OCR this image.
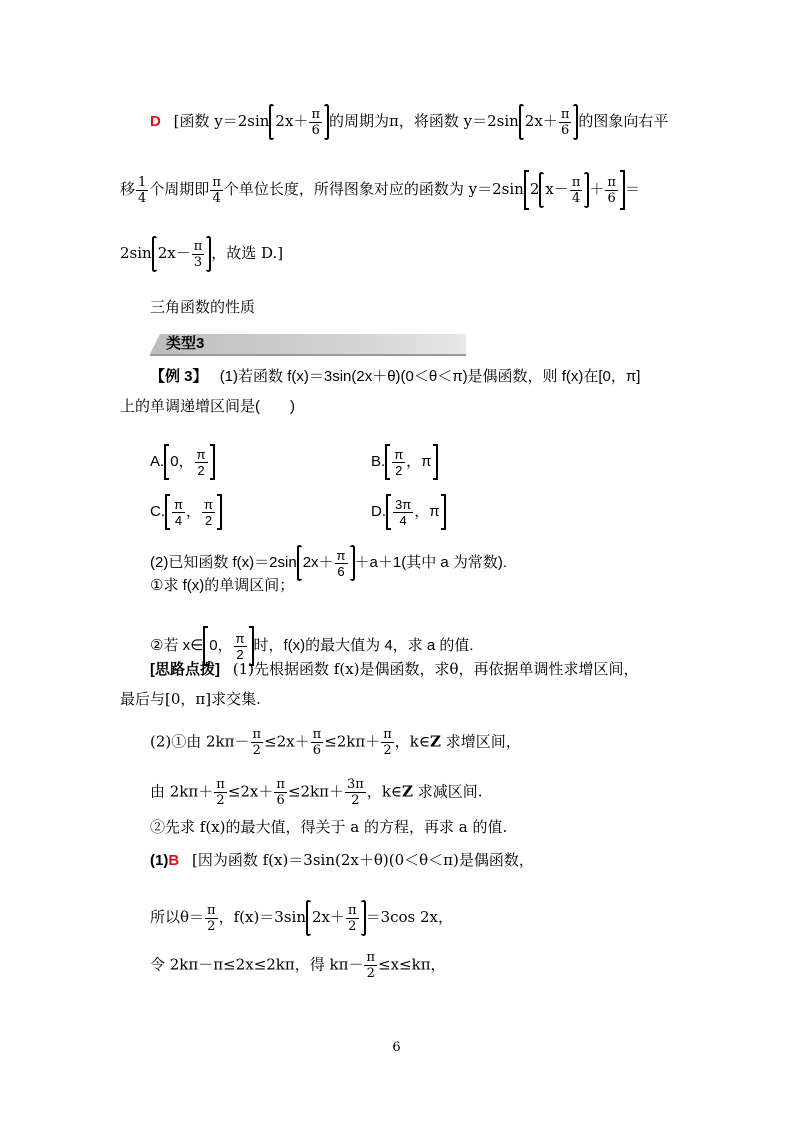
D [函数 y＝2sin $2x+ \frac{\pi}{6}$ 的周期为π，将函数 y＝2sin $2x+ \frac{\pi}{6}$ 的图象向右平
移 $\frac{1}{4}$ 个周期即 $\frac{\pi}{4}$ 个单位长度，所得图象对应的函数为 y＝2sin 2 $x- \frac{\pi}{4} + \frac{\pi}{6}$ ＝
2sin $2x- \frac{\pi}{3}$ ，故选 D.]
三角函数的性质
类型3
【例 3】 (1)若函数 f(x)＝3sin(2x＋θ)(0＜θ＜π)是偶函数，则 f(x)在[0，π]
上的单调递增区间是(　　)
A. 0， $\frac{\pi}{2}$	B. $\frac{\pi}{2}$ ，π
C. $\frac{\pi}{4}$ ， $\frac{\pi}{2}$	D. $\frac{3\pi}{4}$ ，π
(2)已知函数 f(x)＝2sin $2x+ \frac{\pi}{6} +a+1$(其中 a 为常数).
①求 f(x)的单调区间；
②若 x∈ 0， $\frac{\pi}{2}$ 时，f(x)的最大值为 4，求 a 的值.
[思路点拨] (1)先根据函数 f(x)是偶函数，求θ，再依据单调性求增区间，
最后与[0，π]求交集.
(2)①由 $2k\pi- \frac{\pi}{2} \le 2x+ \frac{\pi}{6} \le 2k\pi+ \frac{\pi}{2}$ ，k∈Z 求增区间，
由 $2k\pi+ \frac{\pi}{2} \le 2x+ \frac{\pi}{6} \le 2k\pi+ \frac{3\pi}{2}$ ，k∈Z 求减区间.
②先求 f(x)的最大值，得关于 a 的方程，再求 a 的值.
(1)B [因为函数 f(x)＝3sin(2x＋θ)(0＜θ＜π)是偶函数，
所以$\theta= \frac{\pi}{2}$ ，f(x)＝3sin $2x+ \frac{\pi}{2} =3\cos$ 2x，
令 2kπ－π≤2x≤2kπ，得 $k\pi- \frac{\pi}{2} \le x\le k\pi$，
6
